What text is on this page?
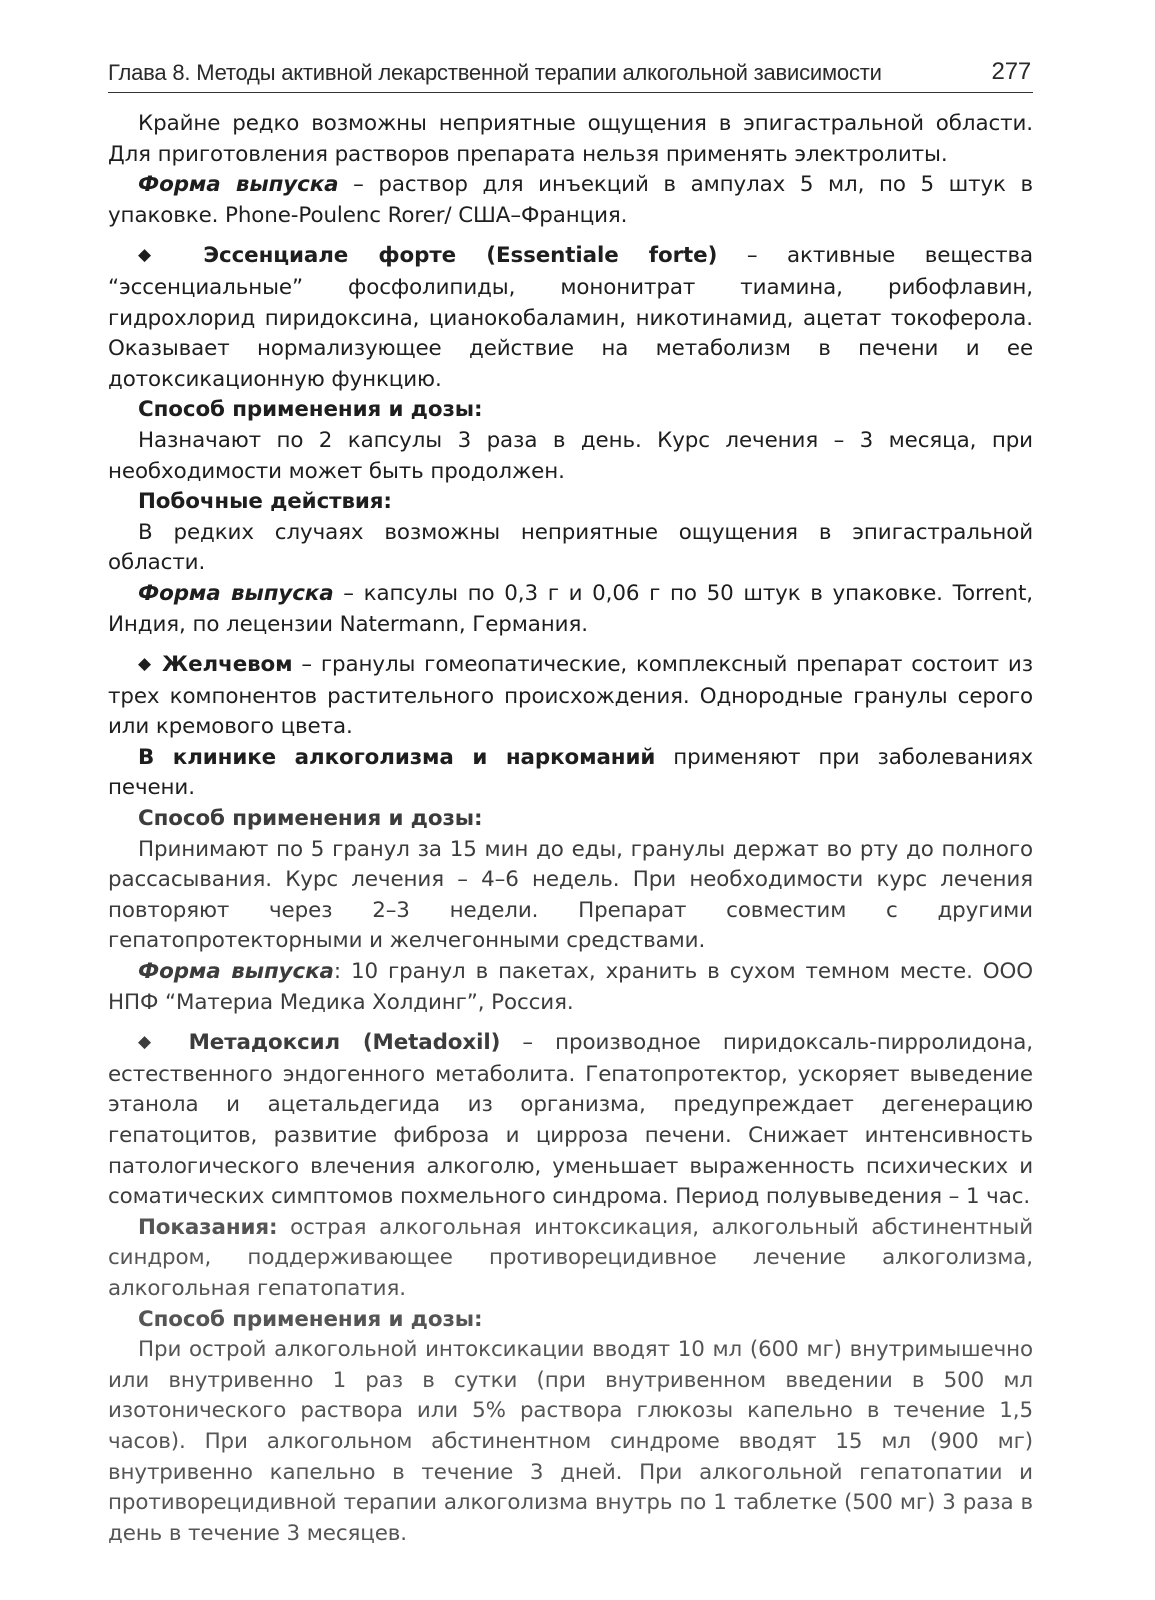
Глава 8. Методы активной лекарственной терапии алкогольной зависимости	277

Крайне редко возможны неприятные ощущения в эпигастральной области. Для приготовления растворов препарата нельзя применять электролиты.

Форма выпуска – раствор для инъекций в ампулах 5 мл, по 5 штук в упаковке. Phone-Poulenc Rorer/ США–Франция.

◆ Эссенциале форте (Essentiale forte) – активные вещества “эссенциальные” фосфолипиды, мононитрат тиамина, рибофлавин, гидрохлорид пиридоксина, цианокобаламин, никотинамид, ацетат токоферола. Оказывает нормализующее действие на метаболизм в печени и ее дотоксикационную функцию.

Способ применения и дозы:

Назначают по 2 капсулы 3 раза в день. Курс лечения – 3 месяца, при необходимости может быть продолжен.

Побочные действия:

В редких случаях возможны неприятные ощущения в эпигастральной области.

Форма выпуска – капсулы по 0,3 г и 0,06 г по 50 штук в упаковке. Torrent, Индия, по лецензии Natermann, Германия.

◆ Желчевом – гранулы гомеопатические, комплексный препарат состоит из трех компонентов растительного происхождения. Однородные гранулы серого или кремового цвета.

В клинике алкоголизма и наркоманий применяют при заболеваниях печени.

Способ применения и дозы:

Принимают по 5 гранул за 15 мин до еды, гранулы держат во рту до полного рассасывания. Курс лечения – 4–6 недель. При необходимости курс лечения повторяют через 2–3 недели. Препарат совместим с другими гепатопротекторными и желчегонными средствами.

Форма выпуска: 10 гранул в пакетах, хранить в сухом темном месте. ООО НПФ “Материа Медика Холдинг”, Россия.

◆ Метадоксил (Metadoxil) – производное пиридоксаль-пирролидона, естественного эндогенного метаболита. Гепатопротектор, ускоряет выведение этанола и ацетальдегида из организма, предупреждает дегенерацию гепатоцитов, развитие фиброза и цирроза печени. Снижает интенсивность патологического влечения алкоголю, уменьшает выраженность психических и соматических симптомов похмельного синдрома. Период полувыведения – 1 час.

Показания: острая алкогольная интоксикация, алкогольный абстинентный синдром, поддерживающее противорецидивное лечение алкоголизма, алкогольная гепатопатия.

Способ применения и дозы:

При острой алкогольной интоксикации вводят 10 мл (600 мг) внутримышечно или внутривенно 1 раз в сутки (при внутривенном введении в 500 мл изотонического раствора или 5% раствора глюкозы капельно в течение 1,5 часов). При алкогольном абстинентном синдроме вводят 15 мл (900 мг) внутривенно капельно в течение 3 дней. При алкогольной гепатопатии и противорецидивной терапии алкоголизма внутрь по 1 таблетке (500 мг) 3 раза в день в течение 3 месяцев.
